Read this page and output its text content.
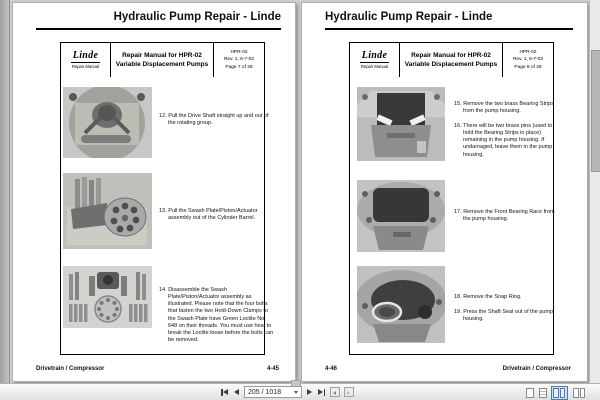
Hydraulic Pump Repair - Linde
Linde
Repair Manual
Repair Manual for HPR-02
Variable Displacement Pumps
HPR-02
Rev. 1, 6-7-02
Page 7 of 28
12. Pull the Drive Shaft straight up and out of the rotating group.
13. Pull the Swash Plate/Piston/Actuator assembly out of the Cylinder Barrel.
14. Disassemble the Swash Plate/Piston/Actuator assembly as illustrated. Please note that the four bolts that fasten the two Hold-Down Clamps to the Swash Plate have Green Loctite No. 648 on their threads. You must use heat to break the Loctite loose before the bolts can be removed.
Drivetrain / Compressor	4-45
Hydraulic Pump Repair - Linde
Linde
Repair Manual
Repair Manual for HPR-02
Variable Displacement Pumps
HPR-02
Rev. 1, 6-7-02
Page 8 of 28
15. Remove the two brass Bearing Strips from the pump housing.
16. There will be two brass pins (used to hold the Bearing Strips in place) remaining in the pump housing. If undamaged, leave them in the pump housing.
17. Remove the Front Bearing Race from the pump housing.
18. Remove the Snap Ring.
19. Press the Shaft Seal out of the pump housing.
4-46	Drivetrain / Compressor
205 / 1018
